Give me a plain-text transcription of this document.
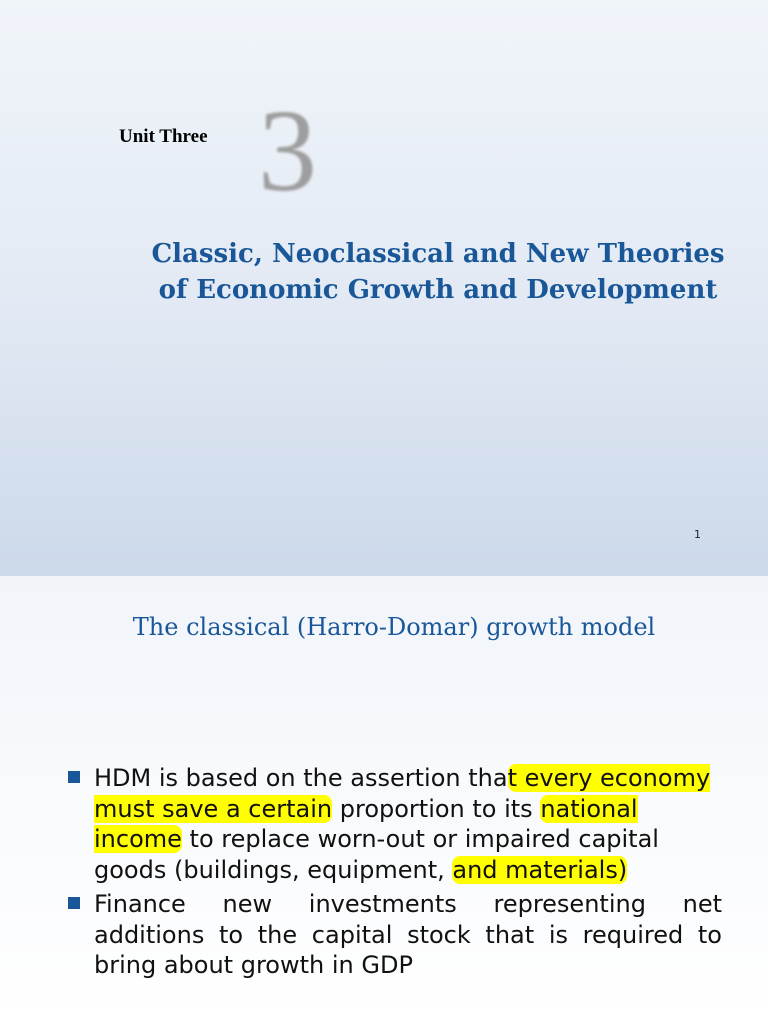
Unit Three 3
Classic, Neoclassical and New Theories of Economic Growth and Development
1
The classical (Harro-Domar) growth model
HDM is based on the assertion that every economy must save a certain proportion to its national income to replace worn-out or impaired capital goods (buildings, equipment, and materials)
Finance new investments representing net additions to the capital stock that is required to bring about growth in GDP
